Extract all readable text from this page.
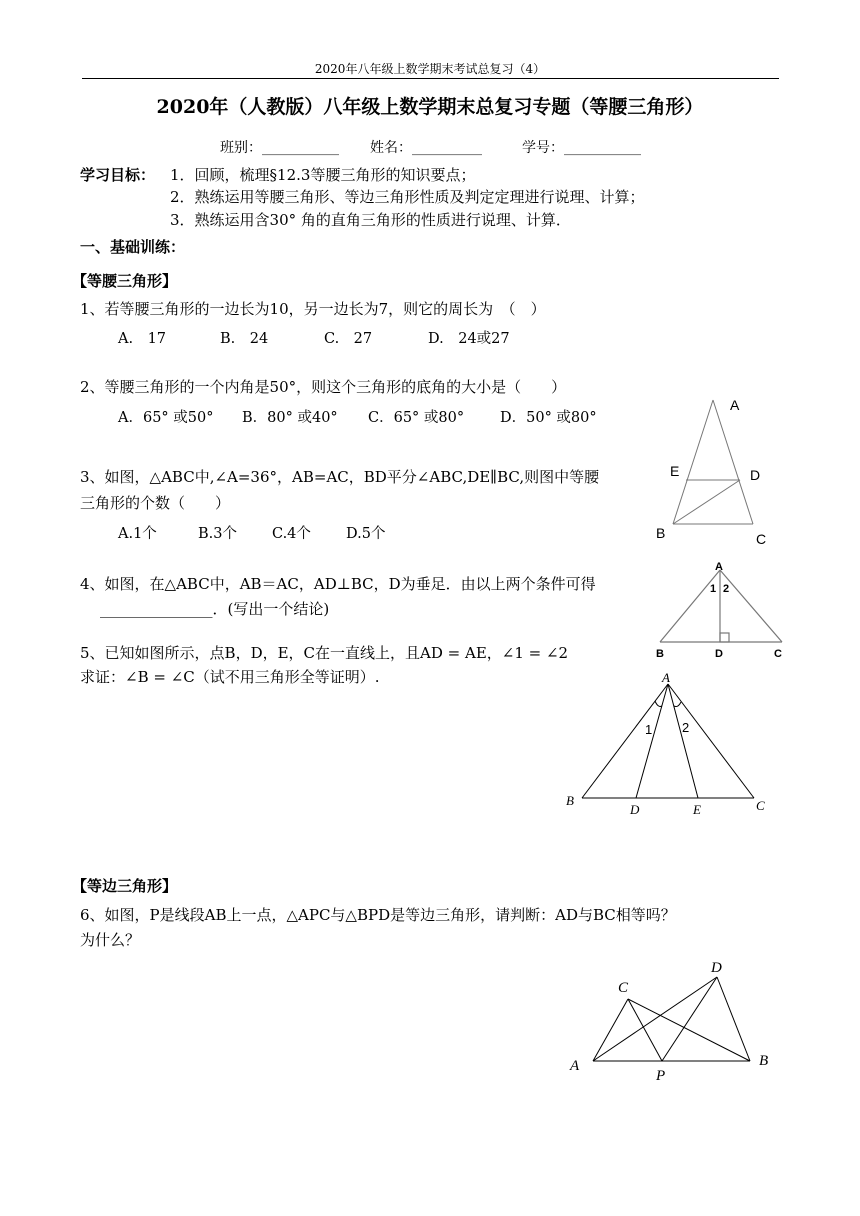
2020年八年级上数学期末考试总复习（4）
2020年（人教版）八年级上数学期末总复习专题（等腰三角形）
班别：___________ 姓名：__________	学号：___________
学习目标： 1．回顾，梳理§12.3等腰三角形的知识要点；
2．熟练运用等腰三角形、等边三角形性质及判定定理进行说理、计算；
3．熟练运用含30° 角的直角三角形的性质进行说理、计算．
一、基础训练：
【等腰三角形】
1、若等腰三角形的一边长为10，另一边长为7，则它的周长为　（　）
A.　17	B.　24	C.　27	D.　24或27
2、等腰三角形的一个内角是50°，则这个三角形的底角的大小是（　　）
A．65° 或50° B．80° 或40° C．65° 或80° D．50° 或80°
3、如图，△ABC中,∠A=36°，AB=AC，BD平分∠ABC,DE∥BC,则图中等腰
三角形的个数（　　）
A.1个	B.3个 C.4个 D.5个
4、如图，在△ABC中，AB＝AC，AD⊥BC，D为垂足．由以上两个条件可得
_______________．(写出一个结论)
5、已知如图所示，点B，D，E，C在一直线上，且AD = AE，∠1 = ∠2
求证：∠B = ∠C（试不用三角形全等证明）.
【等边三角形】
6、如图，P是线段AB上一点，△APC与△BPD是等边三角形，请判断：AD与BC相等吗？
为什么？
A
E	D
B	C
A
1 2
B	D	C
A
1 2
B
D	E	C
C
D
A
P
B
